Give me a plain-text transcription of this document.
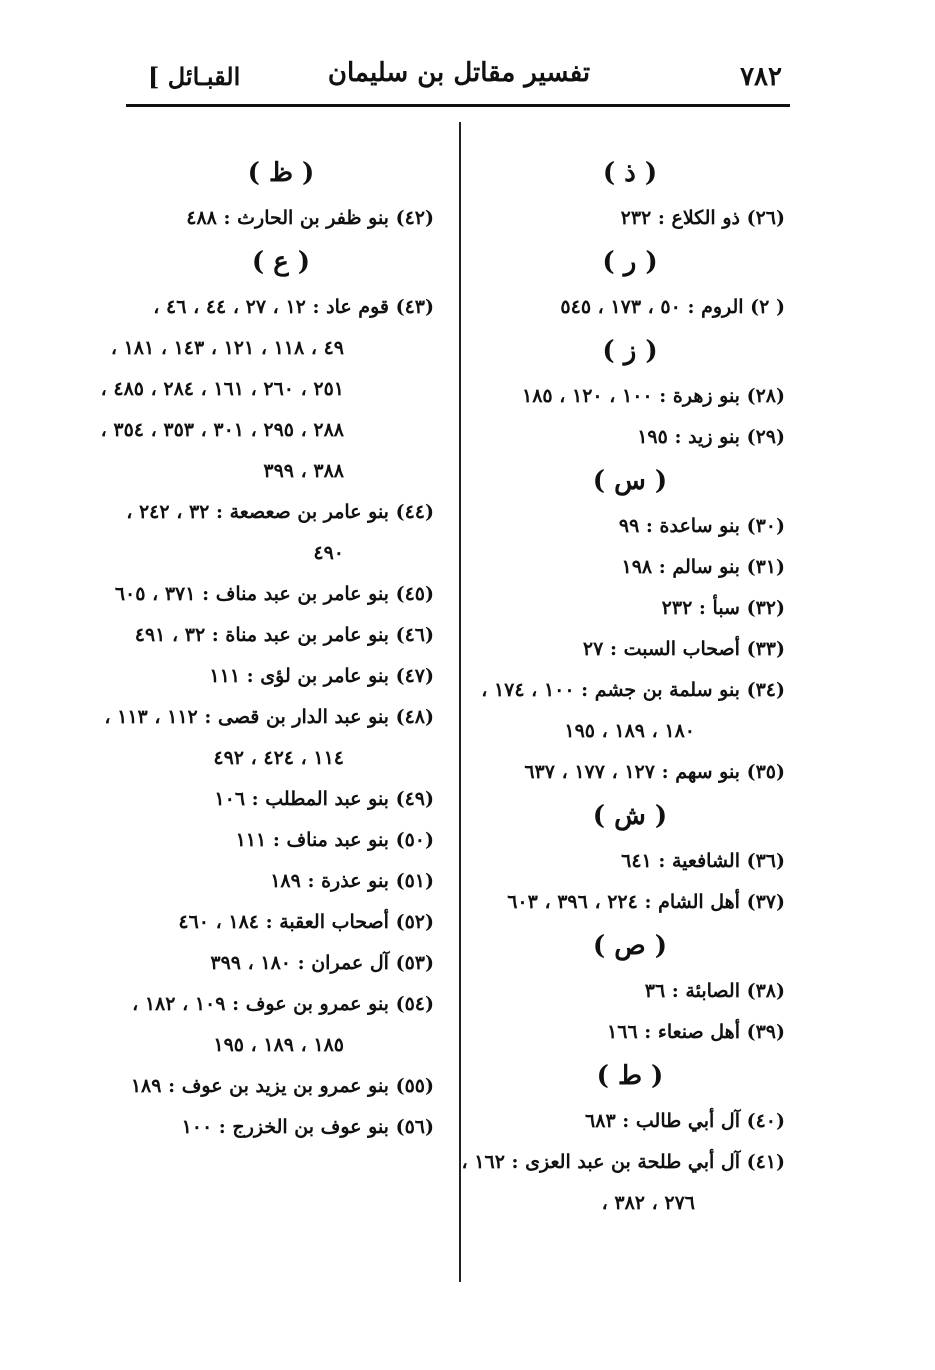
[ القبـائل	تفسير مقاتل بن سليمان	٧٨٢
( ذ )
(٢٦) ذو الكلاع : ٢٣٢
( ر )
( ٢) الروم : ٥٠ ، ١٧٣ ، ٥٤٥
( ز )
(٢٨) بنو زهرة : ١٠٠ ، ١٢٠ ، ١٨٥
(٢٩) بنو زيد : ١٩٥
( س )
(٣٠) بنو ساعدة : ٩٩
(٣١) بنو سالم : ١٩٨
(٣٢) سبأ : ٢٣٢
(٣٣) أصحاب السبت : ٢٧
(٣٤) بنو سلمة بن جشم : ١٠٠ ، ١٧٤ ،
١٨٠ ، ١٨٩ ، ١٩٥
(٣٥) بنو سهم : ١٢٧ ، ١٧٧ ، ٦٣٧
( ش )
(٣٦) الشافعية : ٦٤١
(٣٧) أهل الشام : ٢٢٤ ، ٣٩٦ ، ٦٠٣
( ص )
(٣٨) الصابئة : ٣٦
(٣٩) أهل صنعاء : ١٦٦
( ط )
(٤٠) آل أبي طالب : ٦٨٣
(٤١) آل أبي طلحة بن عبد العزى : ١٦٢ ،
٢٧٦ ، ٣٨٢ ،
( ظ )
(٤٢) بنو ظفر بن الحارث : ٤٨٨
( ع )
(٤٣) قوم عاد : ١٢ ، ٢٧ ، ٤٤ ، ٤٦ ،
٤٩ ، ١١٨ ، ١٢١ ، ١٤٣ ، ١٨١ ،
٢٥١ ، ٢٦٠ ، ١٦١ ، ٢٨٤ ، ٤٨٥ ،
٢٨٨ ، ٢٩٥ ، ٣٠١ ، ٣٥٣ ، ٣٥٤ ،
٣٨٨ ، ٣٩٩
(٤٤) بنو عامر بن صعصعة : ٣٢ ، ٢٤٢ ،
٤٩٠
(٤٥) بنو عامر بن عبد مناف : ٣٧١ ، ٦٠٥
(٤٦) بنو عامر بن عبد مناة : ٣٢ ، ٤٩١
(٤٧) بنو عامر بن لؤى : ١١١
(٤٨) بنو عبد الدار بن قصى : ١١٢ ، ١١٣ ،
١١٤ ، ٤٢٤ ، ٤٩٢
(٤٩) بنو عبد المطلب : ١٠٦
(٥٠) بنو عبد مناف : ١١١
(٥١) بنو عذرة : ١٨٩
(٥٢) أصحاب العقبة : ١٨٤ ، ٤٦٠
(٥٣) آل عمران : ١٨٠ ، ٣٩٩
(٥٤) بنو عمرو بن عوف : ١٠٩ ، ١٨٢ ،
١٨٥ ، ١٨٩ ، ١٩٥
(٥٥) بنو عمرو بن يزيد بن عوف : ١٨٩
(٥٦) بنو عوف بن الخزرج : ١٠٠
